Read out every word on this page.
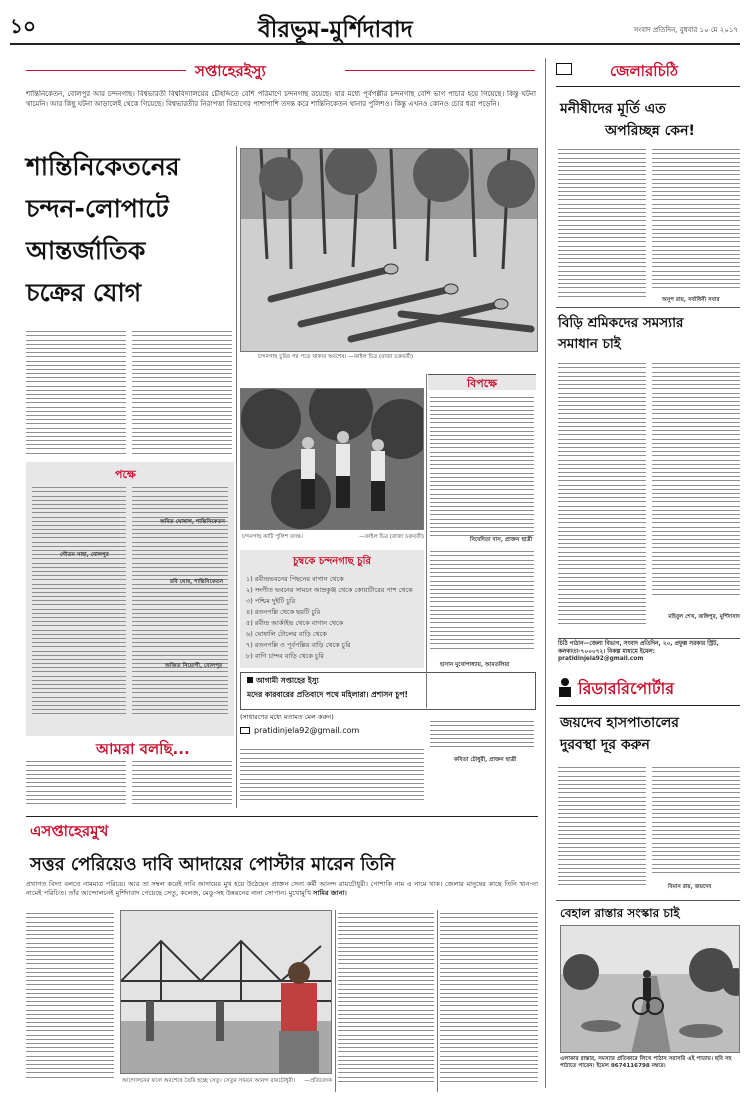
১০	বীরভূম-মুর্শিদাবাদ	সংবাদ প্রতিদিন, বুধবার ১০ মে ২০১৭
সপ্তাহেরইস্যু
শান্তিনিকেতন, বোলপুর আর চন্দনগাছ। বিশ্বভারতী বিশ্ববিদ্যালয়ের চৌহদ্দিতে বেশি পরিমাণে চন্দনগাছ রয়েছে। যার মধ্যে পূর্বপল্লীর চন্দনগাছ বেশি ভাগ পাচার হয়ে গিয়েছে। কিন্তু ঘটনা থামেনি। আর কিছু ঘটনা আড়ালেই থেকে গিয়েছে। বিশ্বভারতীর নিরাপত্তা বিভাগের পাশাপাশি তদন্ত করে শান্তিনিকেতন থানার পুলিশও। কিন্তু এখনও কোনও চোর ধরা পড়েনি।
শান্তিনিকেতনের
চন্দন-লোপাটে
আন্তর্জাতিক
চক্রের যোগ
চন্দনগাছ চুরির পর পড়ে থাকার অবশেষ। —ফাইল চিত্র (রাজা চক্রবর্তী)
পক্ষে
অমিত ঘোষাল, শান্তিনিকেতন
রবি ঘোষ, শান্তিনিকেতন
অজিত নিয়োগী, বোলপুর
গৌতম সাহা, বোলপুর
চন্দনগাছ কাটি পুলিশ তদন্ত।	—ফাইল চিত্র (রাজা চক্রবর্তী)
চুম্বকে চন্দনগাছ চুরি
১) রবীন্দ্রভবনের পিছনের বাগান থেকে
২) সংগীত ভবনের সামনে আম্রকুঞ্জ থেকে কোয়ার্টারের পাশ থেকে
৩) পশ্চিম দুইটি চুরি
৪) রতনপল্লি থেকে ছয়টি চুরি
৫) রবীন্দ্র আর্কাইভ থেকে বাগান থেকে
৬) ঘোষালি টোলের বাড়ি থেকে
৭) রতনপল্লি ও পূর্বপল্লির বাড়ি থেকে চুরি
৮) বাগি চান্দব বাড়ি থেকে চুরি
আগামী সপ্তাহের ইস্যু
মদের কারবারের প্রতিবাদে পথে মহিলারা। প্রশাসন চুপ!
(সাধারণের মধ্যে মতামত মেল করুন)
pratidinjela92@gmail.com
বিপক্ষে
নিবেদিতা দাস, প্রাক্তন ছাত্রী
হাসান মুখোপাধ্যায়, আমতলিয়া
কবিতা চৌধুরী, প্রাক্তন ছাত্রী
আমরা বলছি...
জেলারচিঠি
মনীষীদের মূর্তি এত
অপরিচ্ছন্ন কেন!
অনুপ রায়, সর্বাধিনী সবার
বিড়ি শ্রমিকদের সমস্যার
সমাধান চাই
মহিবুল শেখ, জঙ্গিপুর, মুর্শিদাবাদ
চিঠি পাঠান—জেলা বিভাগ, সংবাদ প্রতিদিন, ২০, প্রফুল্ল সরকার স্ট্রিট, কলকাতা-৭০০০৭২। বিকল্প মাধ্যমে ইমেল: pratidinjela92@gmail.com
রিডাররিপোর্টার
জয়দেব হাসপাতালের
দুরবস্থা দূর করুন
বিমান রায়, জয়দেব
বেহাল রাস্তার সংস্কার চাই
এলাকার রাস্তার, সমস্যার প্রতিকারে লিখে পাঠান সরাসরি এই পাতায়। ছবি সহ পাঠাতে পারেন। ইমেল 9674116798 নম্বরে।
এসপ্তাহেরমুখ
সত্তর পেরিয়েও দাবি আদায়ের পোস্টার মারেন তিনি
প্রথাগত বিদ্যা বলতে নামমাত্র পরিচয়। আর তা সম্বল করেই দাবি আদায়ের মুখ হয়ে উঠেছেন প্রাক্তন সেনা কর্মী আনন্দ রায়চৌধুরী। পোশাকি নাম এ নামে থাক। জেলার মানুষের কাছে তিনি খান-না নামেই পরিচিত। তাঁর আন্দোলনেই মুর্শিদাবাদ পেয়েছে সেতু, কলেজ, মেডু-সহ উন্নয়নের নানা সোপান। মুখোমুখি সামির জানা।
আন্দোলনের ফলে অবশেষে তৈরি হচ্ছে সেতু। সেতুর সামনে আনন্দ রায়চৌধুরী। —প্রতিবেদক
